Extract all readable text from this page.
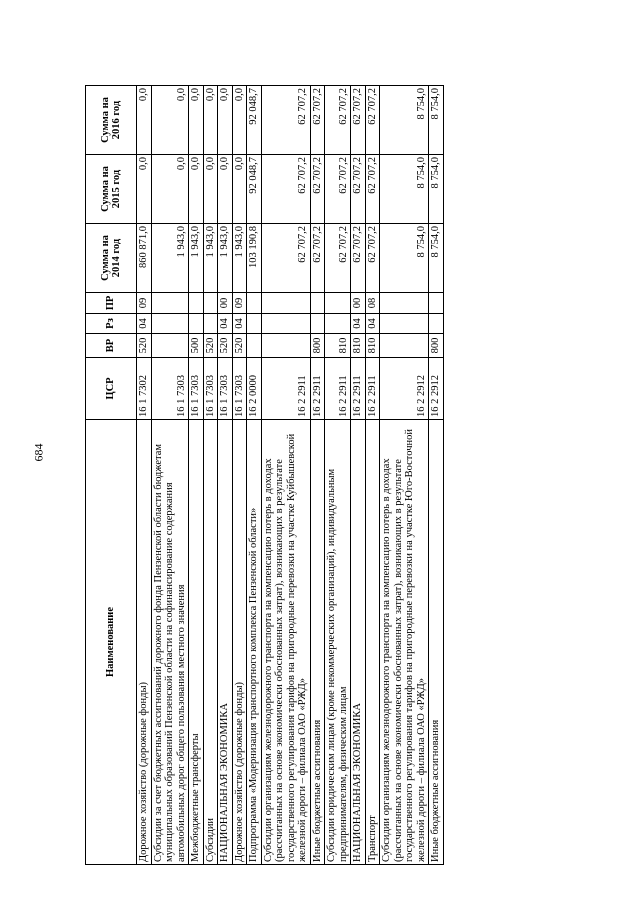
684
Наименование	ЦСР	ВР	Рз	ПР	Сумма на 2014 год	Сумма на 2015 год	Сумма на 2016 год
Дорожное хозяйство (дорожные фонды)	16 1 7302	520	04	09	860 871,0	0,0	0,0
Субсидии за счет бюджетных ассигнований дорожного фонда Пензенской области бюджетам муниципальных образований Пензенской области на софинансирование содержания автомобильных дорог общего пользования местного значения	16 1 7303				1 943,0	0,0	0,0
Межбюджетные трансферты	16 1 7303	500			1 943,0	0,0	0,0
Субсидии	16 1 7303	520			1 943,0	0,0	0,0
НАЦИОНАЛЬНАЯ ЭКОНОМИКА	16 1 7303	520	04	00	1 943,0	0,0	0,0
Дорожное хозяйство (дорожные фонды)	16 1 7303	520	04	09	1 943,0	0,0	0,0
Подпрограмма «Модернизация транспортного комплекса Пензенской области»	16 2 0000				103 190,8	92 048,7	92 048,7
Субсидии организациям железнодорожного транспорта на компенсацию потерь в доходах (рассчитанных на основе экономически обоснованных затрат), возникающих в результате государственного регулирования тарифов на пригородные перевозки на участке Куйбышевской железной дороги – филиала ОАО «РЖД»	16 2 2911				62 707,2	62 707,2	62 707,2
Иные бюджетные ассигнования	16 2 2911	800			62 707,2	62 707,2	62 707,2
Субсидии юридическим лицам (кроме некоммерческих организаций), индивидуальным предпринимателям, физическим лицам	16 2 2911	810			62 707,2	62 707,2	62 707,2
НАЦИОНАЛЬНАЯ ЭКОНОМИКА	16 2 2911	810	04	00	62 707,2	62 707,2	62 707,2
Транспорт	16 2 2911	810	04	08	62 707,2	62 707,2	62 707,2
Субсидии организациям железнодорожного транспорта на компенсацию потерь в доходах (рассчитанных на основе экономически обоснованных затрат), возникающих в результате государственного регулирования тарифов на пригородные перевозки на участке Юго-Восточной железной дороги – филиала ОАО «РЖД»	16 2 2912				8 754,0	8 754,0	8 754,0
Иные бюджетные ассигнования	16 2 2912	800			8 754,0	8 754,0	8 754,0
